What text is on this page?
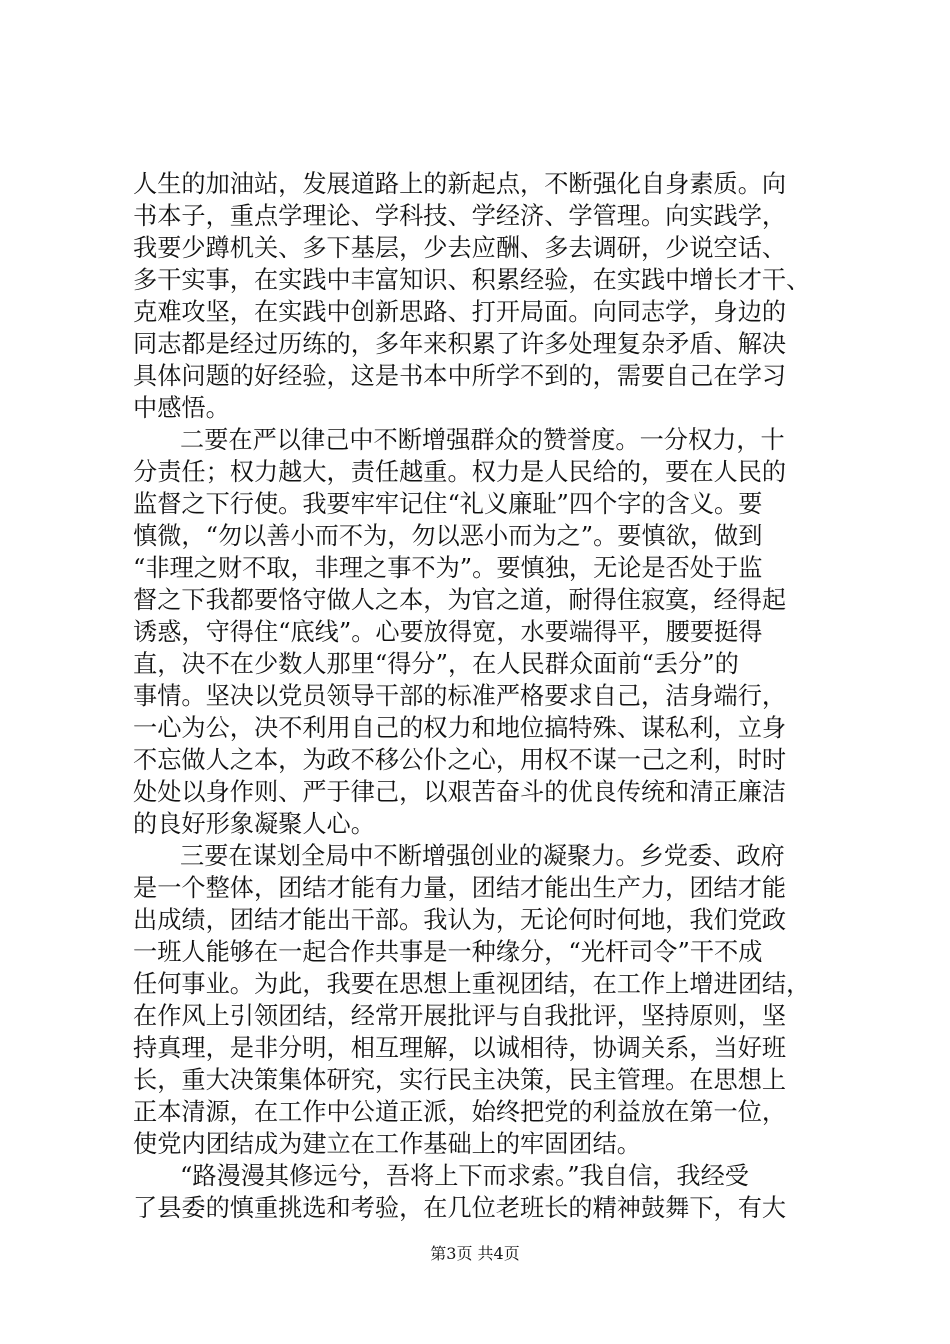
人生的加油站，发展道路上的新起点，不断强化自身素质。向
书本子，重点学理论、学科技、学经济、学管理。向实践学，
我要少蹲机关、多下基层，少去应酬、多去调研，少说空话、
多干实事，在实践中丰富知识、积累经验，在实践中增长才干、
克难攻坚，在实践中创新思路、打开局面。向同志学，身边的
同志都是经过历练的，多年来积累了许多处理复杂矛盾、解决
具体问题的好经验，这是书本中所学不到的，需要自己在学习
中感悟。
二要在严以律己中不断增强群众的赞誉度。一分权力，十
分责任；权力越大，责任越重。权力是人民给的，要在人民的
监督之下行使。我要牢牢记住“礼义廉耻”四个字的含义。要
慎微，“勿以善小而不为，勿以恶小而为之”。要慎欲，做到
“非理之财不取，非理之事不为”。要慎独，无论是否处于监
督之下我都要恪守做人之本，为官之道，耐得住寂寞，经得起
诱惑，守得住“底线”。心要放得宽，水要端得平，腰要挺得
直，决不在少数人那里“得分”，在人民群众面前“丢分”的
事情。坚决以党员领导干部的标准严格要求自己，洁身端行，
一心为公，决不利用自己的权力和地位搞特殊、谋私利，立身
不忘做人之本，为政不移公仆之心，用权不谋一己之利，时时
处处以身作则、严于律己，以艰苦奋斗的优良传统和清正廉洁
的良好形象凝聚人心。
三要在谋划全局中不断增强创业的凝聚力。乡党委、政府
是一个整体，团结才能有力量，团结才能出生产力，团结才能
出成绩，团结才能出干部。我认为，无论何时何地，我们党政
一班人能够在一起合作共事是一种缘分，“光杆司令”干不成
任何事业。为此，我要在思想上重视团结，在工作上增进团结，
在作风上引领团结，经常开展批评与自我批评，坚持原则，坚
持真理，是非分明，相互理解，以诚相待，协调关系，当好班
长，重大决策集体研究，实行民主决策，民主管理。在思想上
正本清源，在工作中公道正派，始终把党的利益放在第一位，
使党内团结成为建立在工作基础上的牢固团结。
“路漫漫其修远兮，吾将上下而求索。”我自信，我经受
了县委的慎重挑选和考验，在几位老班长的精神鼓舞下，有大
第3页 共4页
